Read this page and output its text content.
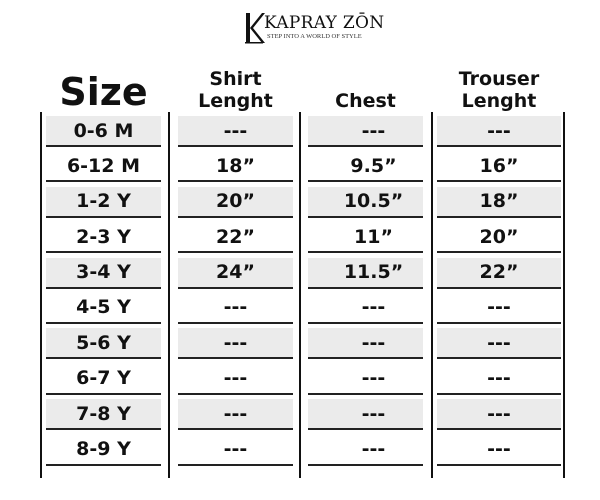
KAPRAY ZŌN
STEP INTO A WORLD OF STYLE
Size	Shirt
Lenght	Chest
Trouser
Lenght
0-6 M
6-12 M
1-2 Y
2-3 Y
3-4 Y
4-5 Y
5-6 Y
6-7 Y
7-8 Y
8-9 Y
---
18”
20”
22”
24”
---
---
---
---
---
---
9.5”
10.5”
11”
11.5”
---
---
---
---
---
---
16”
18”
20”
22”
---
---
---
---
---
